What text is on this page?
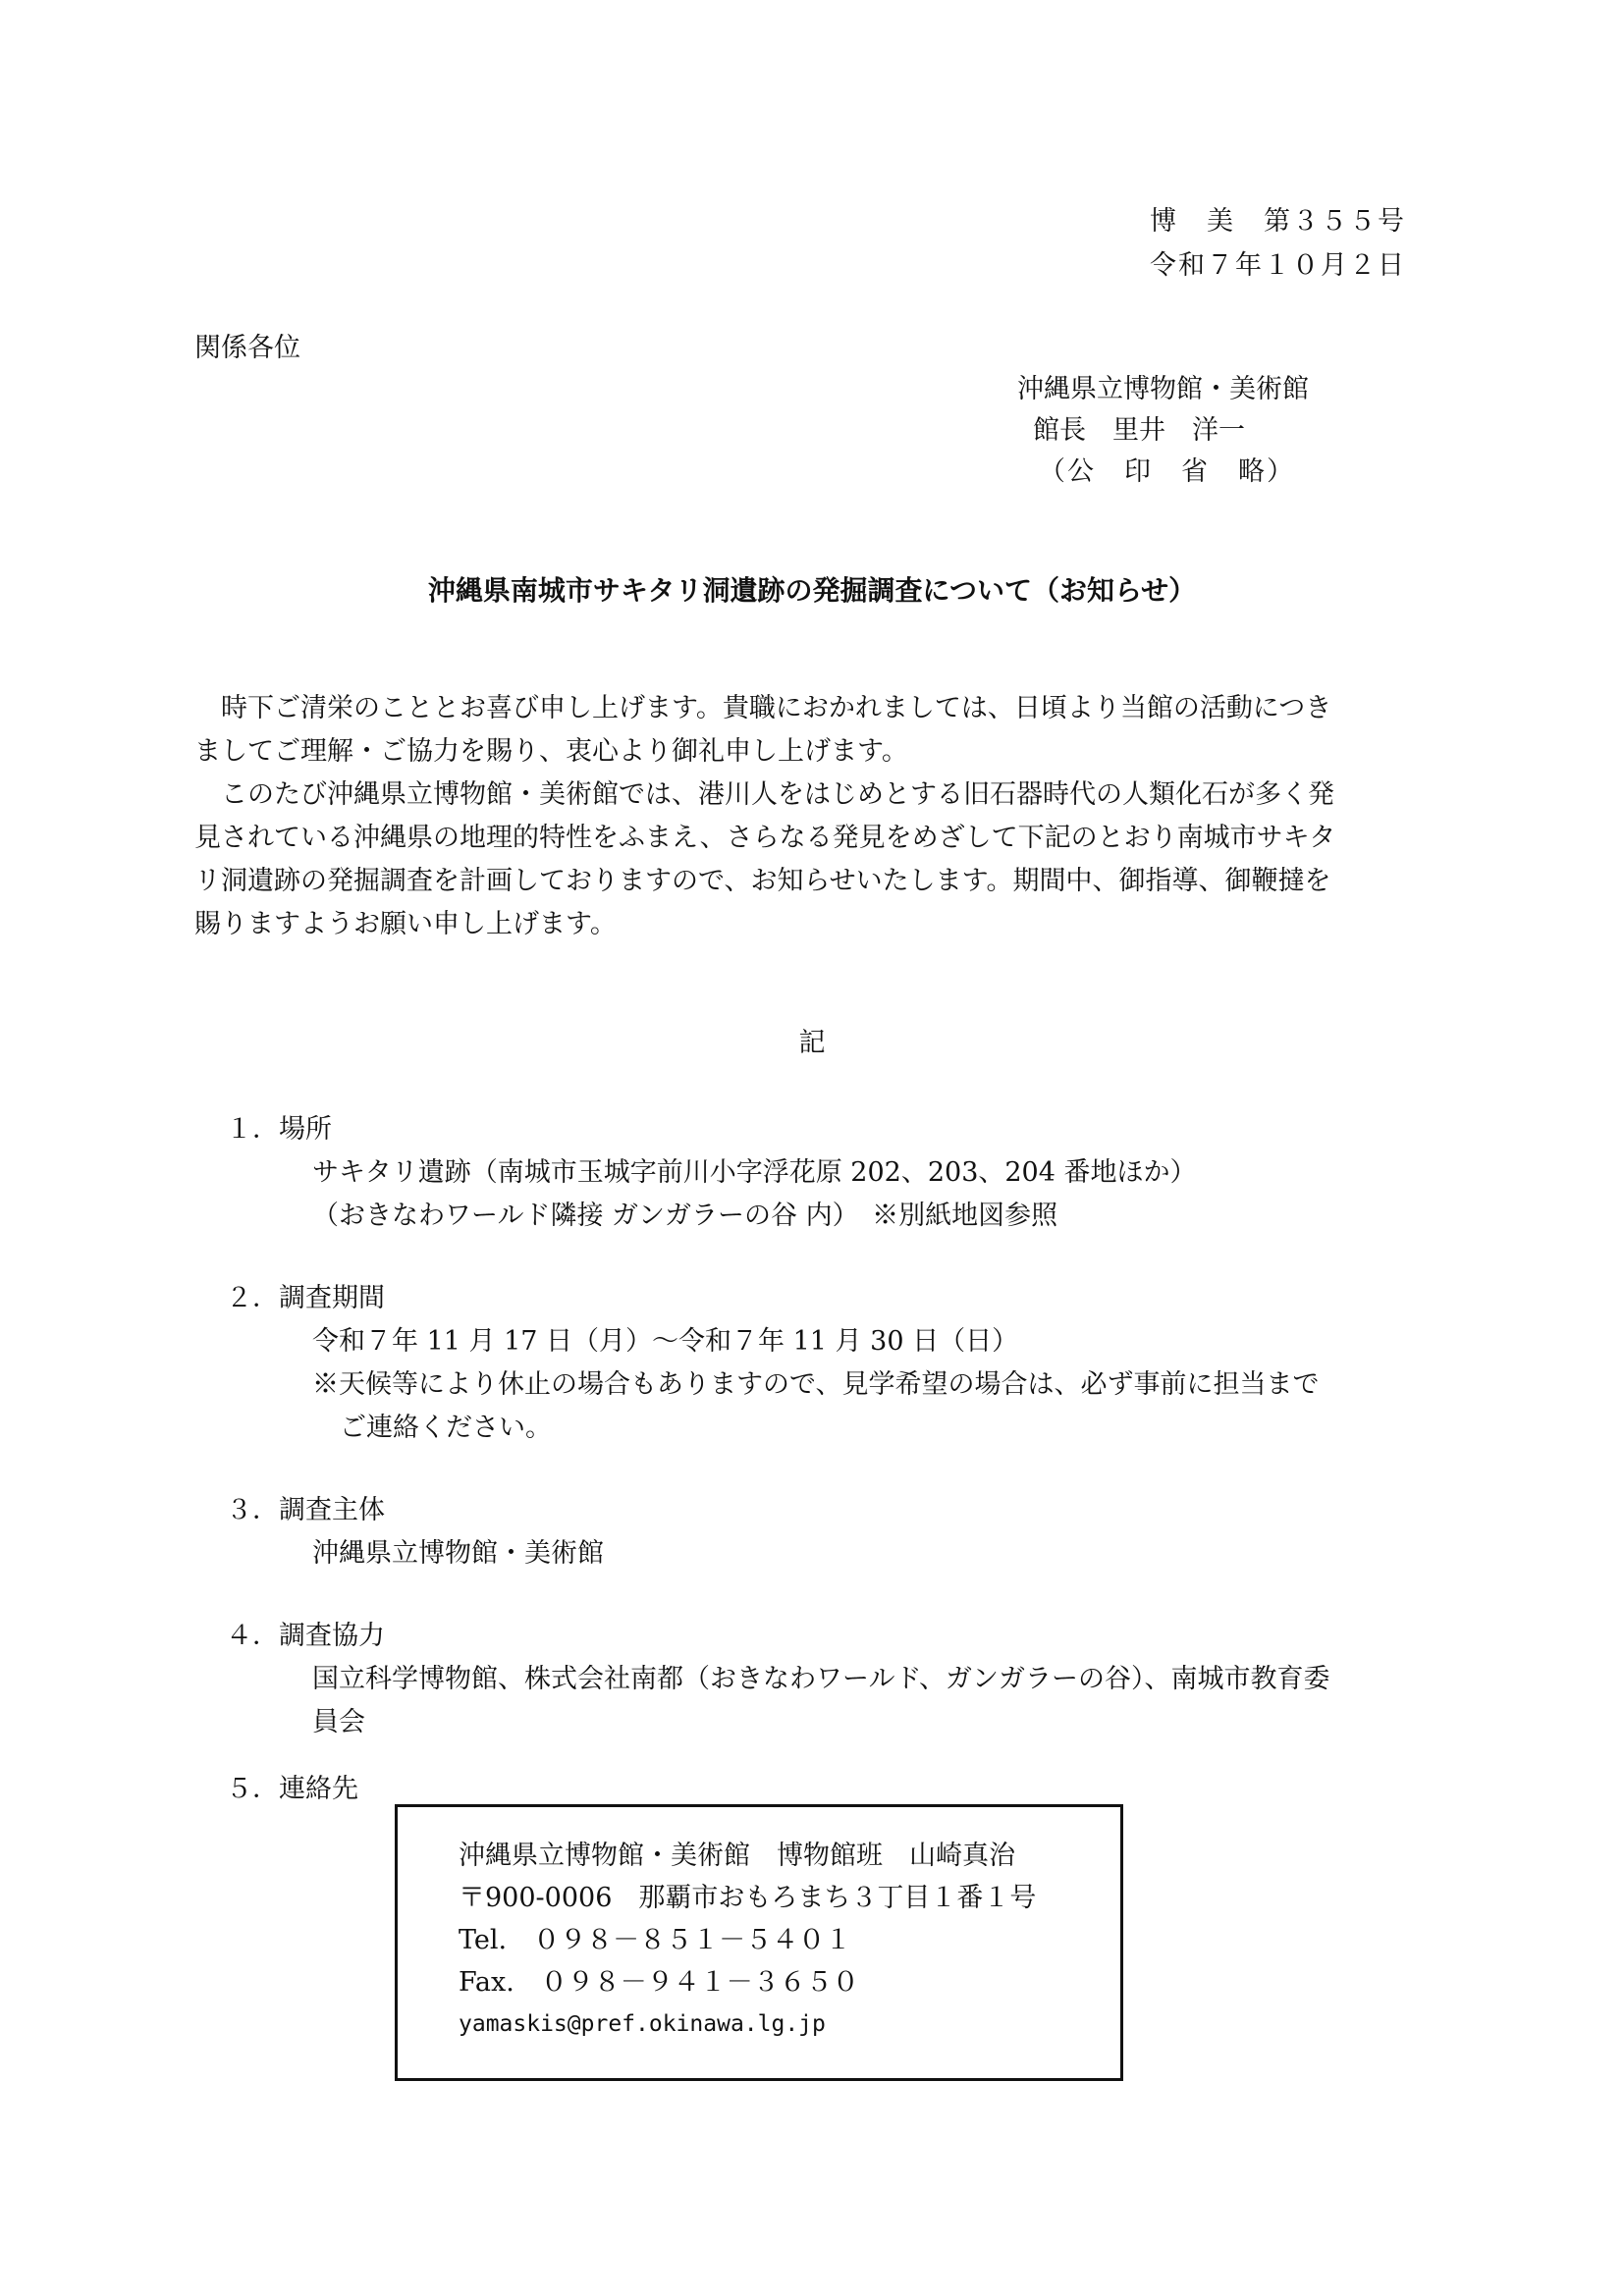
博　美　第３５５号
令和７年１０月２日
関係各位
沖縄県立博物館・美術館
館長　里井　洋一
（公　印　省　略）
沖縄県南城市サキタリ洞遺跡の発掘調査について（お知らせ）
時下ご清栄のこととお喜び申し上げます。貴職におかれましては、日頃より当館の活動につき
ましてご理解・ご協力を賜り、衷心より御礼申し上げます。
このたび沖縄県立博物館・美術館では、港川人をはじめとする旧石器時代の人類化石が多く発
見されている沖縄県の地理的特性をふまえ、さらなる発見をめざして下記のとおり南城市サキタ
リ洞遺跡の発掘調査を計画しておりますので、お知らせいたします。期間中、御指導、御鞭撻を
賜りますようお願い申し上げます。
記
１．場所
サキタリ遺跡（南城市玉城字前川小字浮花原 202、203、204 番地ほか）
（おきなわワールド隣接 ガンガラーの谷 内）　※別紙地図参照
２．調査期間
令和７年 11 月 17 日（月）～令和７年 11 月 30 日（日）
※天候等により休止の場合もありますので、見学希望の場合は、必ず事前に担当まで
ご連絡ください。
３．調査主体
沖縄県立博物館・美術館
４．調査協力
国立科学博物館、株式会社南都（おきなわワールド、ガンガラーの谷）、南城市教育委
員会
５．連絡先
沖縄県立博物館・美術館　博物館班　山崎真治
〒900-0006　那覇市おもろまち３丁目１番１号
Tel.　０９８－８５１－５４０１
Fax.　０９８－９４１－３６５０
yamaskis@pref.okinawa.lg.jp
